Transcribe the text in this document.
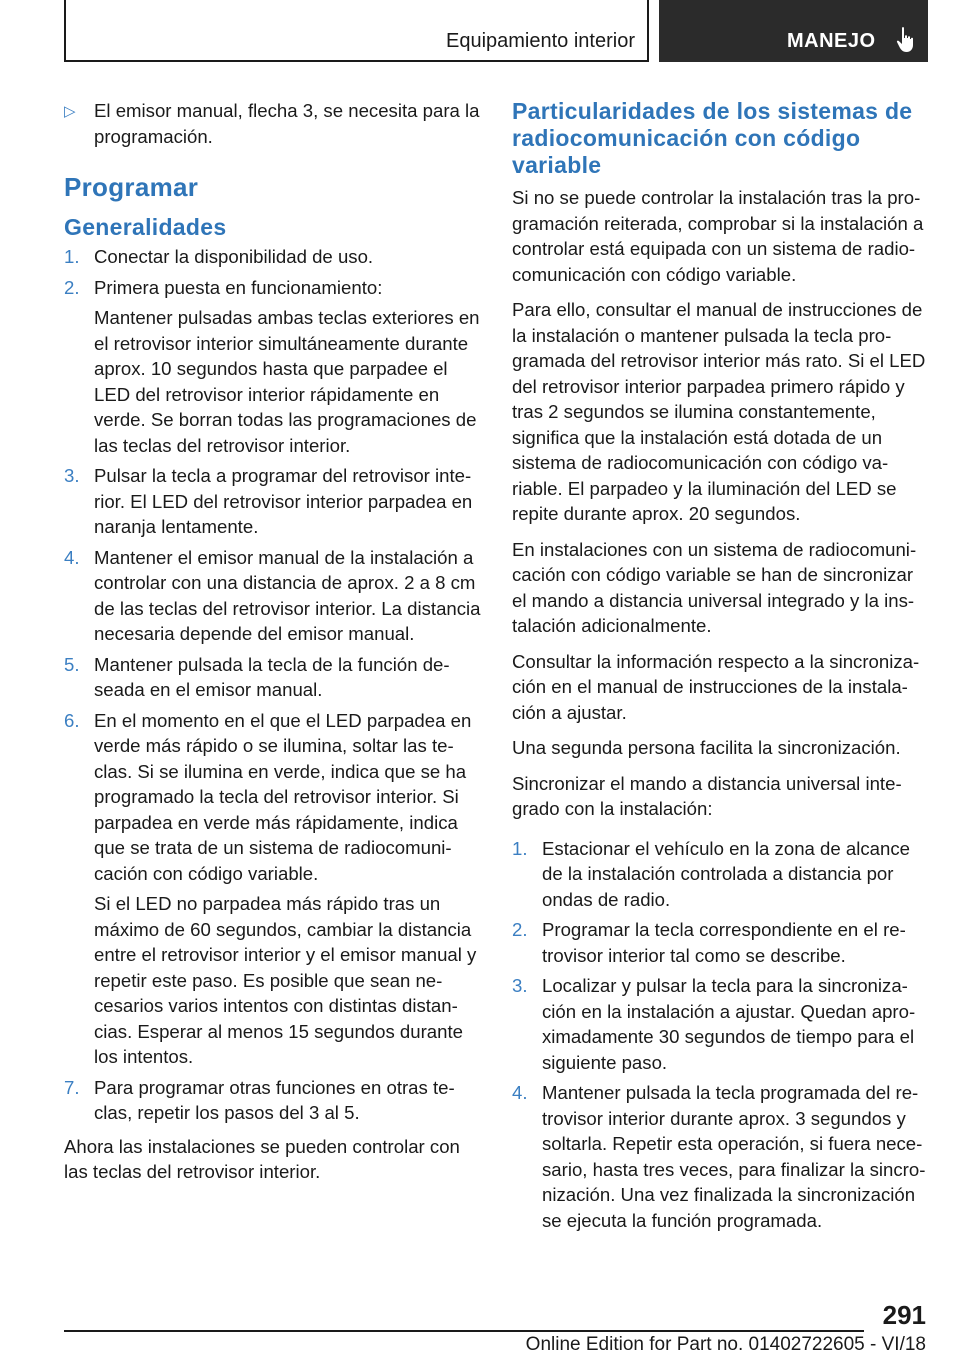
Equipamiento interior	MANEJO
▷ El emisor manual, flecha 3, se necesita para la programación.
Programar
Generalidades
1. Conectar la disponibilidad de uso.
2. Primera puesta en funcionamiento:
Mantener pulsadas ambas teclas exteriores en el retrovisor interior simultáneamente durante aprox. 10 segundos hasta que parpadee el LED del retrovisor interior rápidamente en verde. Se borran todas las programaciones de las teclas del retrovisor interior.
3. Pulsar la tecla a programar del retrovisor interior. El LED del retrovisor interior parpadea en naranja lentamente.
4. Mantener el emisor manual de la instalación a controlar con una distancia de aprox. 2 a 8 cm de las teclas del retrovisor interior. La distancia necesaria depende del emisor manual.
5. Mantener pulsada la tecla de la función deseada en el emisor manual.
6. En el momento en el que el LED parpadea en verde más rápido o se ilumina, soltar las teclas. Si se ilumina en verde, indica que se ha programado la tecla del retrovisor interior. Si parpadea en verde más rápidamente, indica que se trata de un sistema de radiocomunicación con código variable.
Si el LED no parpadea más rápido tras un máximo de 60 segundos, cambiar la distancia entre el retrovisor interior y el emisor manual y repetir este paso. Es posible que sean necesarios varios intentos con distintas distancias. Esperar al menos 15 segundos durante los intentos.
7. Para programar otras funciones en otras teclas, repetir los pasos del 3 al 5.

Ahora las instalaciones se pueden controlar con las teclas del retrovisor interior.

Particularidades de los sistemas de radiocomunicación con código variable

Si no se puede controlar la instalación tras la programación reiterada, comprobar si la instalación a controlar está equipada con un sistema de radiocomunicación con código variable.

Para ello, consultar el manual de instrucciones de la instalación o mantener pulsada la tecla programada del retrovisor interior más rato. Si el LED del retrovisor interior parpadea primero rápido y tras 2 segundos se ilumina constantemente, significa que la instalación está dotada de un sistema de radiocomunicación con código variable. El parpadeo y la iluminación del LED se repite durante aprox. 20 segundos.

En instalaciones con un sistema de radiocomunicación con código variable se han de sincronizar el mando a distancia universal integrado y la instalación adicionalmente.

Consultar la información respecto a la sincronización en el manual de instrucciones de la instalación a ajustar.

Una segunda persona facilita la sincronización.

Sincronizar el mando a distancia universal integrado con la instalación:

1. Estacionar el vehículo en la zona de alcance de la instalación controlada a distancia por ondas de radio.
2. Programar la tecla correspondiente en el retrovisor interior tal como se describe.
3. Localizar y pulsar la tecla para la sincronización en la instalación a ajustar. Quedan aproximadamente 30 segundos de tiempo para el siguiente paso.
4. Mantener pulsada la tecla programada del retrovisor interior durante aprox. 3 segundos y soltarla. Repetir esta operación, si fuera necesario, hasta tres veces, para finalizar la sincronización. Una vez finalizada la sincronización se ejecuta la función programada.
291
Online Edition for Part no. 01402722605 - VI/18
